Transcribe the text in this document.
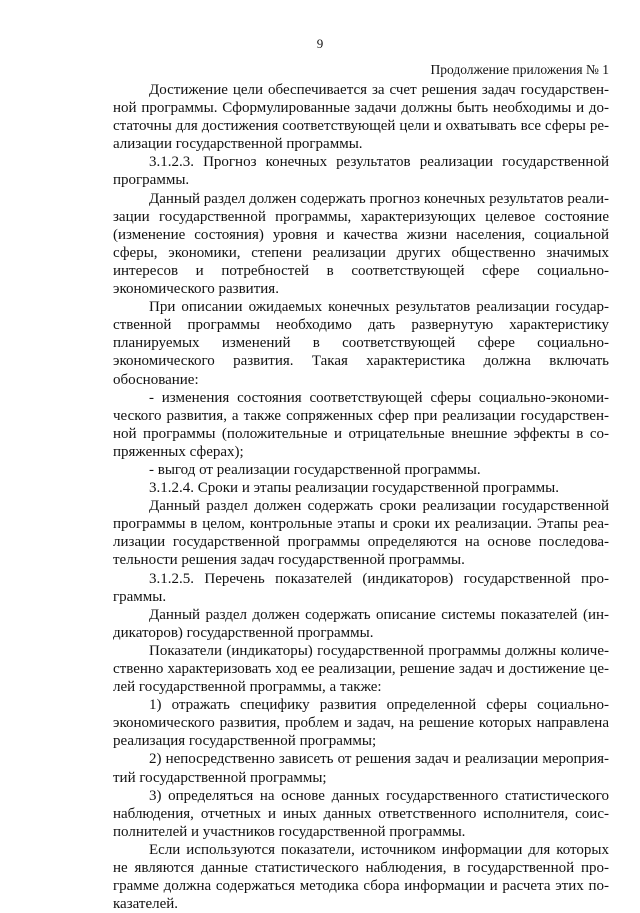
9
Продолжение приложения № 1

Достижение цели обеспечивается за счет решения задач государственной программы. Сформулированные задачи должны быть необходимы и достаточны для достижения соответствующей цели и охватывать все сферы реализации государственной программы.

3.1.2.3. Прогноз конечных результатов реализации государственной программы.

Данный раздел должен содержать прогноз конечных результатов реализации государственной программы, характеризующих целевое состояние (изменение состояния) уровня и качества жизни населения, социальной сферы, экономики, степени реализации других общественно значимых интересов и потребностей в соответствующей сфере социально-экономического развития.

При описании ожидаемых конечных результатов реализации государственной программы необходимо дать развернутую характеристику планируемых изменений в соответствующей сфере социально-экономического развития. Такая характеристика должна включать обоснование:

- изменения состояния соответствующей сферы социально-экономического развития, а также сопряженных сфер при реализации государственной программы (положительные и отрицательные внешние эффекты в сопряженных сферах);

- выгод от реализации государственной программы.

3.1.2.4. Сроки и этапы реализации государственной программы.

Данный раздел должен содержать сроки реализации государственной программы в целом, контрольные этапы и сроки их реализации. Этапы реализации государственной программы определяются на основе последовательности решения задач государственной программы.

3.1.2.5. Перечень показателей (индикаторов) государственной программы.

Данный раздел должен содержать описание системы показателей (индикаторов) государственной программы.

Показатели (индикаторы) государственной программы должны количественно характеризовать ход ее реализации, решение задач и достижение целей государственной программы, а также:

1) отражать специфику развития определенной сферы социально-экономического развития, проблем и задач, на решение которых направлена реализация государственной программы;

2) непосредственно зависеть от решения задач и реализации мероприятий государственной программы;

3) определяться на основе данных государственного статистического наблюдения, отчетных и иных данных ответственного исполнителя, соисполнителей и участников государственной программы.

Если используются показатели, источником информации для которых не являются данные статистического наблюдения, в государственной программе должна содержаться методика сбора информации и расчета этих показателей.
